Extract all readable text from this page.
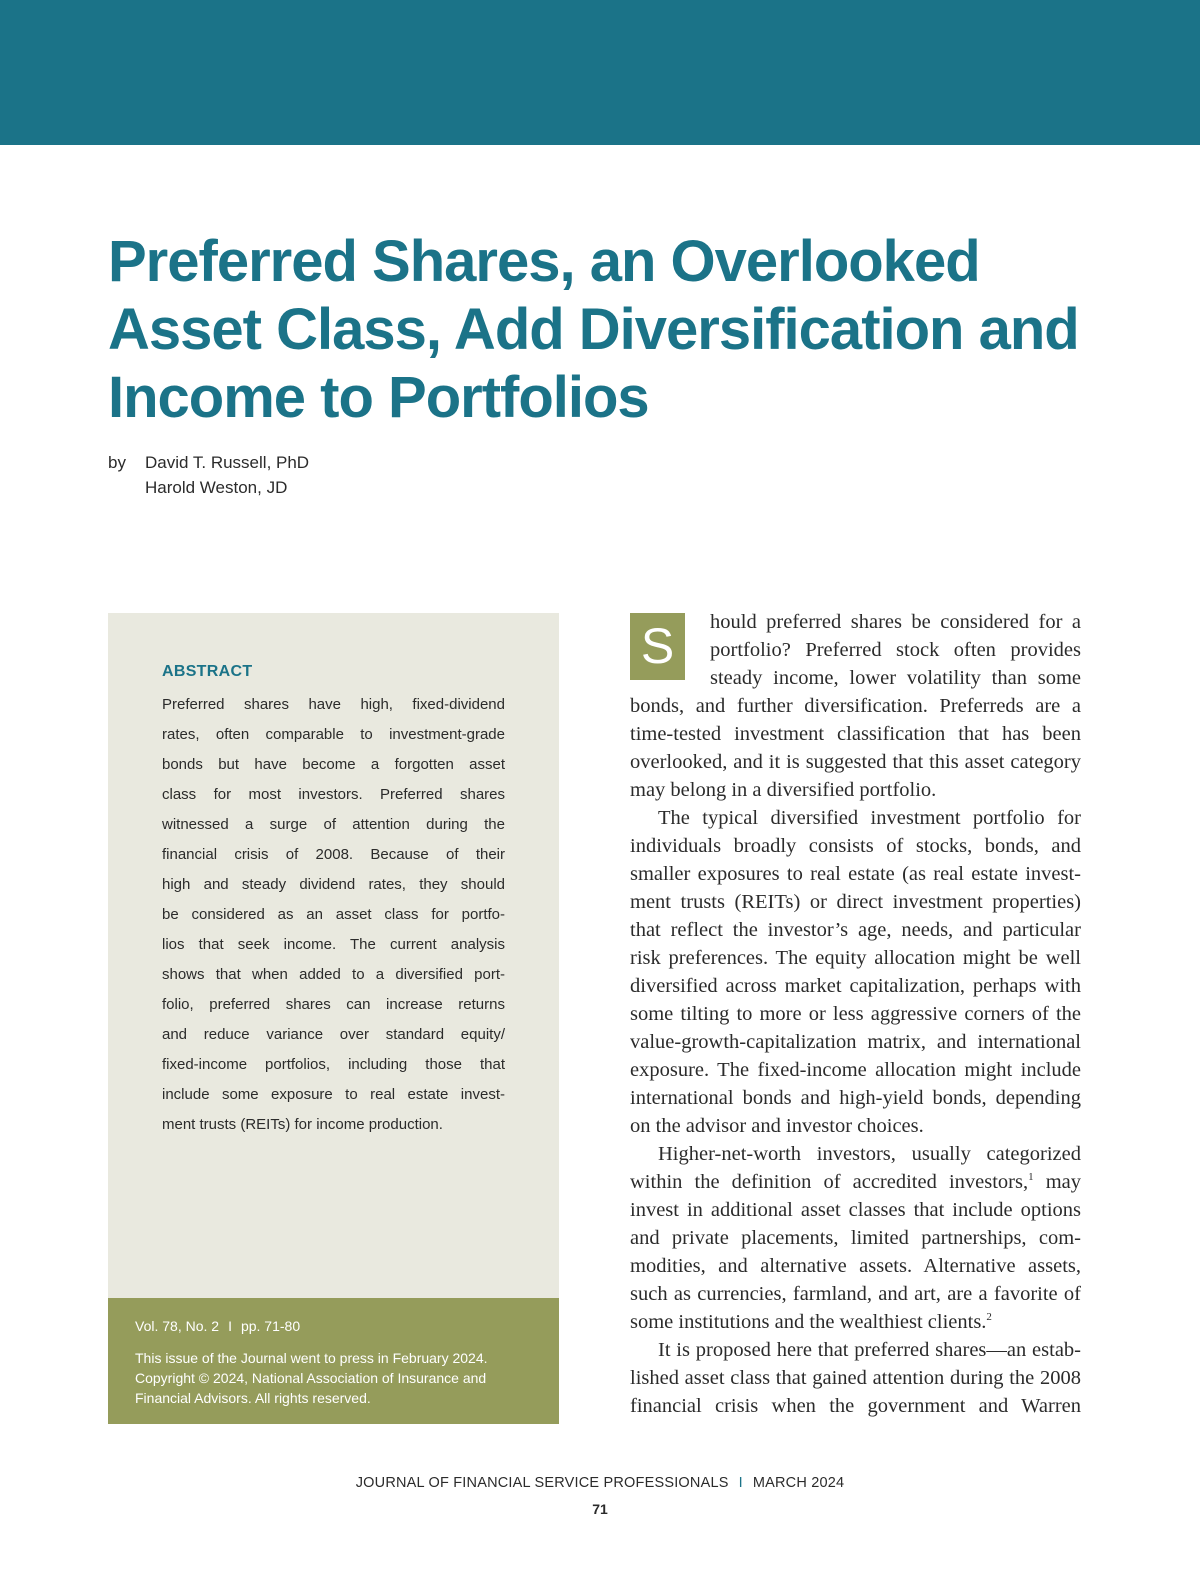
Preferred Shares, an Overlooked
Asset Class, Add Diversification and
Income to Portfolios
by David T. Russell, PhD
Harold Weston, JD
ABSTRACT
Preferred shares have high, fixed-dividend
rates, often comparable to investment-grade
bonds but have become a forgotten asset
class for most investors. Preferred shares
witnessed a surge of attention during the
financial crisis of 2008. Because of their
high and steady dividend rates, they should
be considered as an asset class for portfo-
lios that seek income. The current analysis
shows that when added to a diversified port-
folio, preferred shares can increase returns
and reduce variance over standard equity/
fixed-income portfolios, including those that
include some exposure to real estate invest-
ment trusts (REITs) for income production.
Vol. 78, No. 2 I pp. 71-80
This issue of the Journal went to press in February 2024.
Copyright © 2024, National Association of Insurance and
Financial Advisors. All rights reserved.
S	hould preferred shares be considered for a
portfolio? Preferred stock often provides
steady income, lower volatility than some
bonds, and further diversification. Preferreds are a
time-tested investment classification that has been
overlooked, and it is suggested that this asset category
may belong in a diversified portfolio.
The typical diversified investment portfolio for
individuals broadly consists of stocks, bonds, and
smaller exposures to real estate (as real estate invest-
ment trusts (REITs) or direct investment properties)
that reflect the investor’s age, needs, and particular
risk preferences. The equity allocation might be well
diversified across market capitalization, perhaps with
some tilting to more or less aggressive corners of the
value-growth-capitalization matrix, and international
exposure. The fixed-income allocation might include
international bonds and high-yield bonds, depending
on the advisor and investor choices.
Higher-net-worth investors, usually categorized
within the definition of accredited investors,$^1$ may
invest in additional asset classes that include options
and private placements, limited partnerships, com-
modities, and alternative assets. Alternative assets,
such as currencies, farmland, and art, are a favorite of
some institutions and the wealthiest clients.$^2$
It is proposed here that preferred shares—an estab-
lished asset class that gained attention during the 2008
financial crisis when the government and Warren
JOURNAL OF FINANCIAL SERVICE PROFESSIONALS I MARCH 2024
71
